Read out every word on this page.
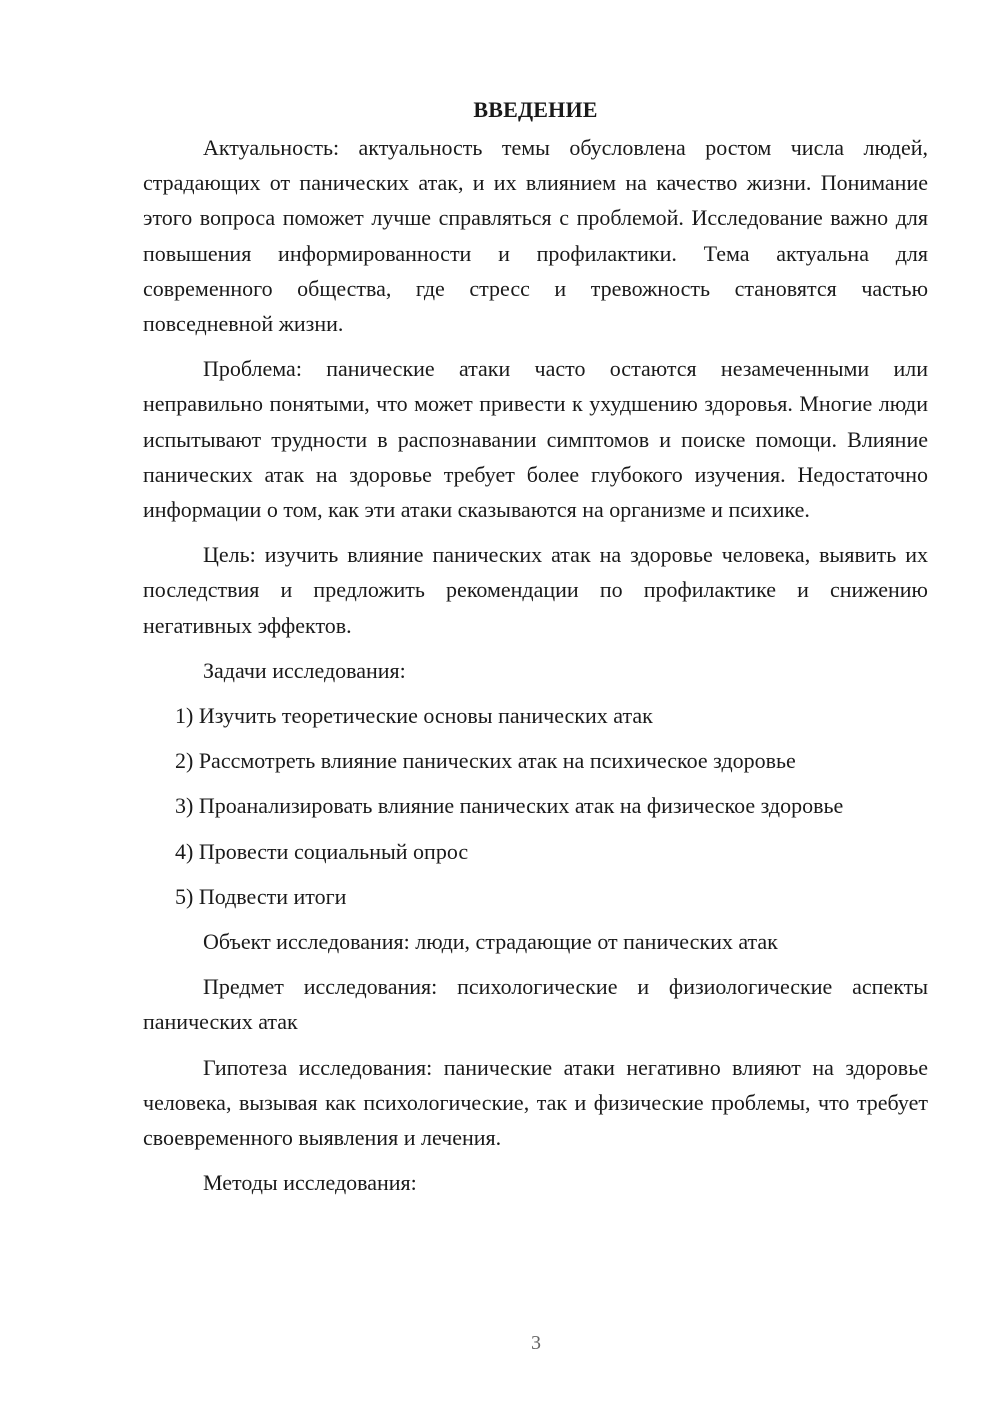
ВВЕДЕНИЕ

Актуальность: актуальность темы обусловлена ростом числа людей, страдающих от панических атак, и их влиянием на качество жизни. Понимание этого вопроса поможет лучше справляться с проблемой. Исследование важно для повышения информированности и профилактики. Тема актуальна для современного общества, где стресс и тревожность становятся частью повседневной жизни.

Проблема: панические атаки часто остаются незамеченными или неправильно понятыми, что может привести к ухудшению здоровья. Многие люди испытывают трудности в распознавании симптомов и поиске помощи. Влияние панических атак на здоровье требует более глубокого изучения. Недостаточно информации о том, как эти атаки сказываются на организме и психике.

Цель: изучить влияние панических атак на здоровье человека, выявить их последствия и предложить рекомендации по профилактике и снижению негативных эффектов.

Задачи исследования:

1) Изучить теоретические основы панических атак

2) Рассмотреть влияние панических атак на психическое здоровье

3) Проанализировать влияние панических атак на физическое здоровье

4) Провести социальный опрос

5) Подвести итоги

Объект исследования: люди, страдающие от панических атак

Предмет исследования: психологические и физиологические аспекты панических атак

Гипотеза исследования: панические атаки негативно влияют на здоровье человека, вызывая как психологические, так и физические проблемы, что требует своевременного выявления и лечения.

Методы исследования:

3
